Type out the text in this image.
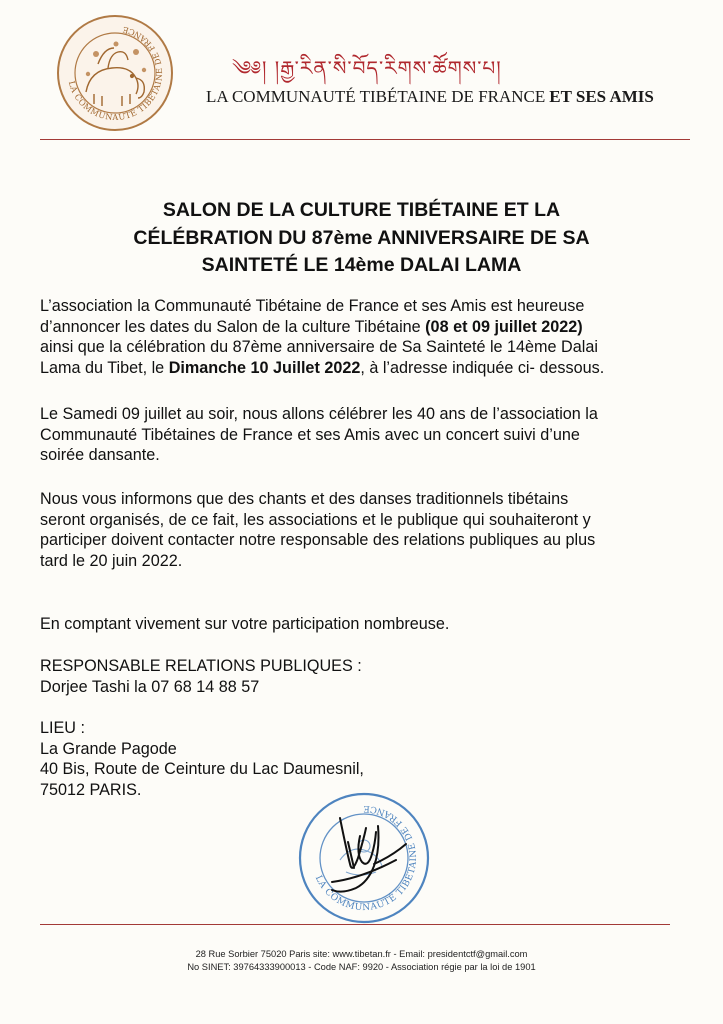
LA COMMUNAUTÉ TIBÉTAINE DE FRANCE
༄༅། །རྒྱ་རིན་སི་བོད་རིགས་ཚོགས་པ།
LA COMMUNAUTÉ TIBÉTAINE DE FRANCE ET SES AMIS
SALON DE LA CULTURE TIBÉTAINE ET LA
CÉLÉBRATION DU 87ème ANNIVERSAIRE DE SA
SAINTETÉ LE 14ème DALAI LAMA
L’association la Communauté Tibétaine de France et ses Amis est heureuse
d’annoncer les dates du Salon de la culture Tibétaine (08 et 09 juillet 2022)
ainsi que la célébration du 87ème anniversaire de Sa Sainteté le 14ème Dalai
Lama du Tibet, le Dimanche 10 Juillet 2022, à l’adresse indiquée ci- dessous.
Le Samedi 09 juillet au soir, nous allons célébrer les 40 ans de l’association la
Communauté Tibétaines de France et ses Amis avec un concert suivi d’une
soirée dansante.
Nous vous informons que des chants et des danses traditionnels tibétains
seront organisés, de ce fait, les associations et le publique qui souhaiteront y
participer doivent contacter notre responsable des relations publiques au plus
tard le 20 juin 2022.
En comptant vivement sur votre participation nombreuse.
RESPONSABLE RELATIONS PUBLIQUES :
Dorjee Tashi la 07 68 14 88 57
LIEU :
La Grande Pagode
40 Bis, Route de Ceinture du Lac Daumesnil,
75012 PARIS.
LA COMMUNAUTÉ TIBÉTAINE DE FRANCE
28 Rue Sorbier 75020 Paris site: www.tibetan.fr - Email: presidentctf@gmail.com
No SINET: 39764333900013 - Code NAF: 9920 - Association régie par la loi de 1901
